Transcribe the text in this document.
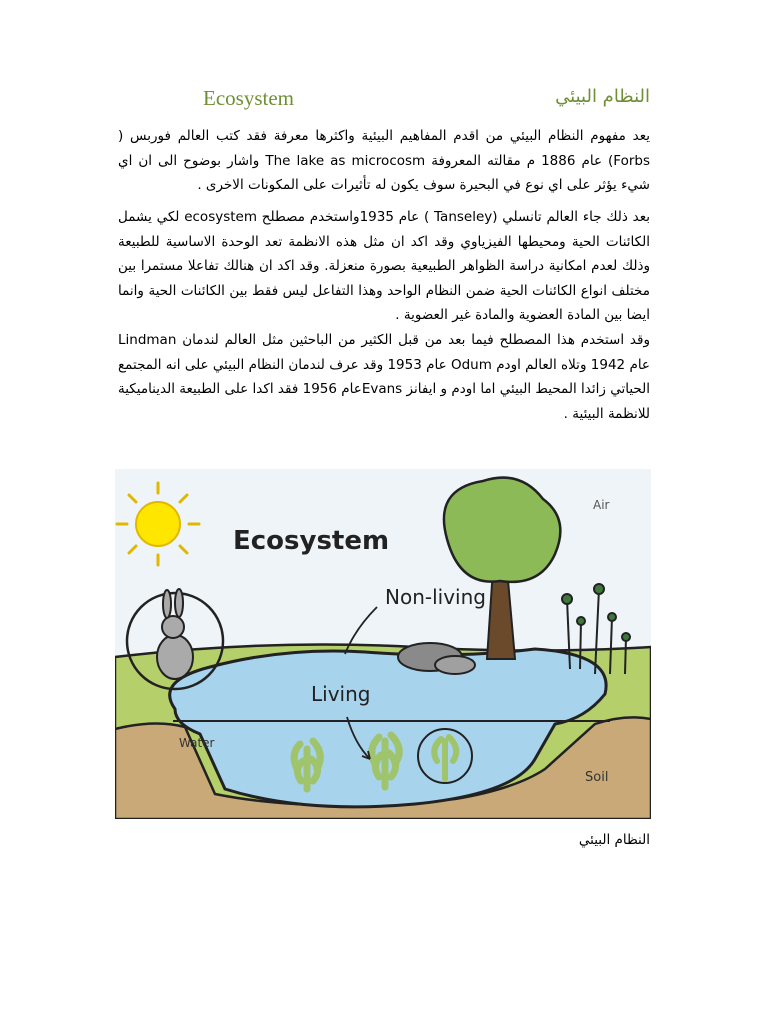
Ecosystem	النظام البيئي

يعد مفهوم النظام البيئي من اقدم المفاهيم البيئية واكثرها معرفة فقد كتب العالم فوربس ( Forbs) عام 1886 م مقالته المعروفة The lake as microcosm واشار بوضوح الى ان اي شيء يؤثر على اي نوع في البحيرة سوف يكون له تأثيرات على المكونات الاخرى .

بعد ذلك جاء العالم تانسلي (Tanseley ) عام 1935واستخدم مصطلح ecosystem لكي يشمل الكائنات الحية ومحيطها الفيزياوي وقد اكد ان مثل هذه الانظمة تعد الوحدة الاساسية للطبيعة وذلك لعدم امكانية دراسة الظواهر الطبيعية بصورة منعزلة. وقد اكد ان هنالك تفاعلا مستمرا بين مختلف انواع الكائنات الحية ضمن النظام الواحد وهذا التفاعل ليس فقط بين الكائنات الحية وانما ايضا بين المادة العضوية والمادة غير العضوية .

وقد استخدم هذا المصطلح فيما بعد من قبل الكثير من الباحثين مثل العالم لندمان Lindman عام 1942 وتلاه العالم اودم Odum عام 1953 وقد عرف لندمان النظام البيئي على انه المجتمع الحياتي زائدا المحيط البيئي اما اودم و ايفانز Evansعام 1956 فقد اكدا على الطبيعة الديناميكية للانظمة البيئية .

Ecosystem
Non-living
Living
Air
Water
Soil
النظام البيئي
